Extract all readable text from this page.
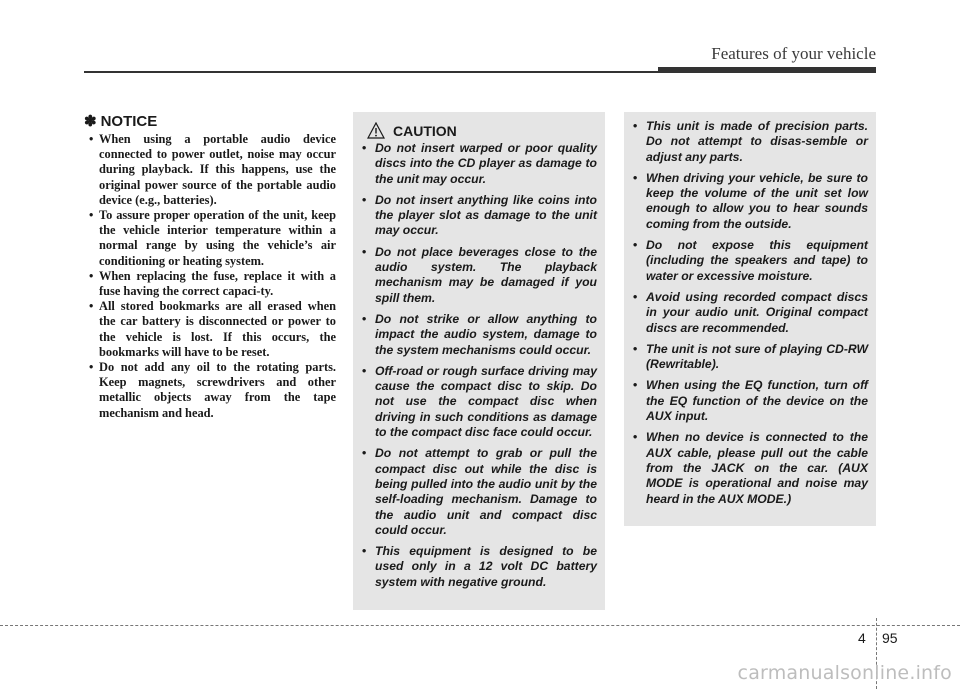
Features of your vehicle
✽ NOTICE
• When using a portable audio device connected to power outlet, noise may occur during playback. If this happens, use the original power source of the portable audio device (e.g., batteries).
• To assure proper operation of the unit, keep the vehicle interior temperature within a normal range by using the vehicle’s air conditioning or heating system.
• When replacing the fuse, replace it with a fuse having the correct capaci-ty.
• All stored bookmarks are all erased when the car battery is disconnected or power to the vehicle is lost. If this occurs, the bookmarks will have to be reset.
• Do not add any oil to the rotating parts. Keep magnets, screwdrivers and other metallic objects away from the tape mechanism and head.
CAUTION
• Do not insert warped or poor quality discs into the CD player as damage to the unit may occur.
• Do not insert anything like coins into the player slot as damage to the unit may occur.
• Do not place beverages close to the audio system. The playback mechanism may be damaged if you spill them.
• Do not strike or allow anything to impact the audio system, damage to the system mechanisms could occur.
• Off-road or rough surface driving may cause the compact disc to skip. Do not use the compact disc when driving in such conditions as damage to the compact disc face could occur.
• Do not attempt to grab or pull the compact disc out while the disc is being pulled into the audio unit by the self-loading mechanism. Damage to the audio unit and compact disc could occur.
• This equipment is designed to be used only in a 12 volt DC battery system with negative ground.
• This unit is made of precision parts. Do not attempt to disas-semble or adjust any parts.
• When driving your vehicle, be sure to keep the volume of the unit set low enough to allow you to hear sounds coming from the outside.
• Do not expose this equipment (including the speakers and tape) to water or excessive moisture.
• Avoid using recorded compact discs in your audio unit. Original compact discs are recommended.
• The unit is not sure of playing CD-RW (Rewritable).
• When using the EQ function, turn off the EQ function of the device on the AUX input.
• When no device is connected to the AUX cable, please pull out the cable from the JACK on the car. (AUX MODE is operational and noise may heard in the AUX MODE.)
4 95
carmanualsonline.info
